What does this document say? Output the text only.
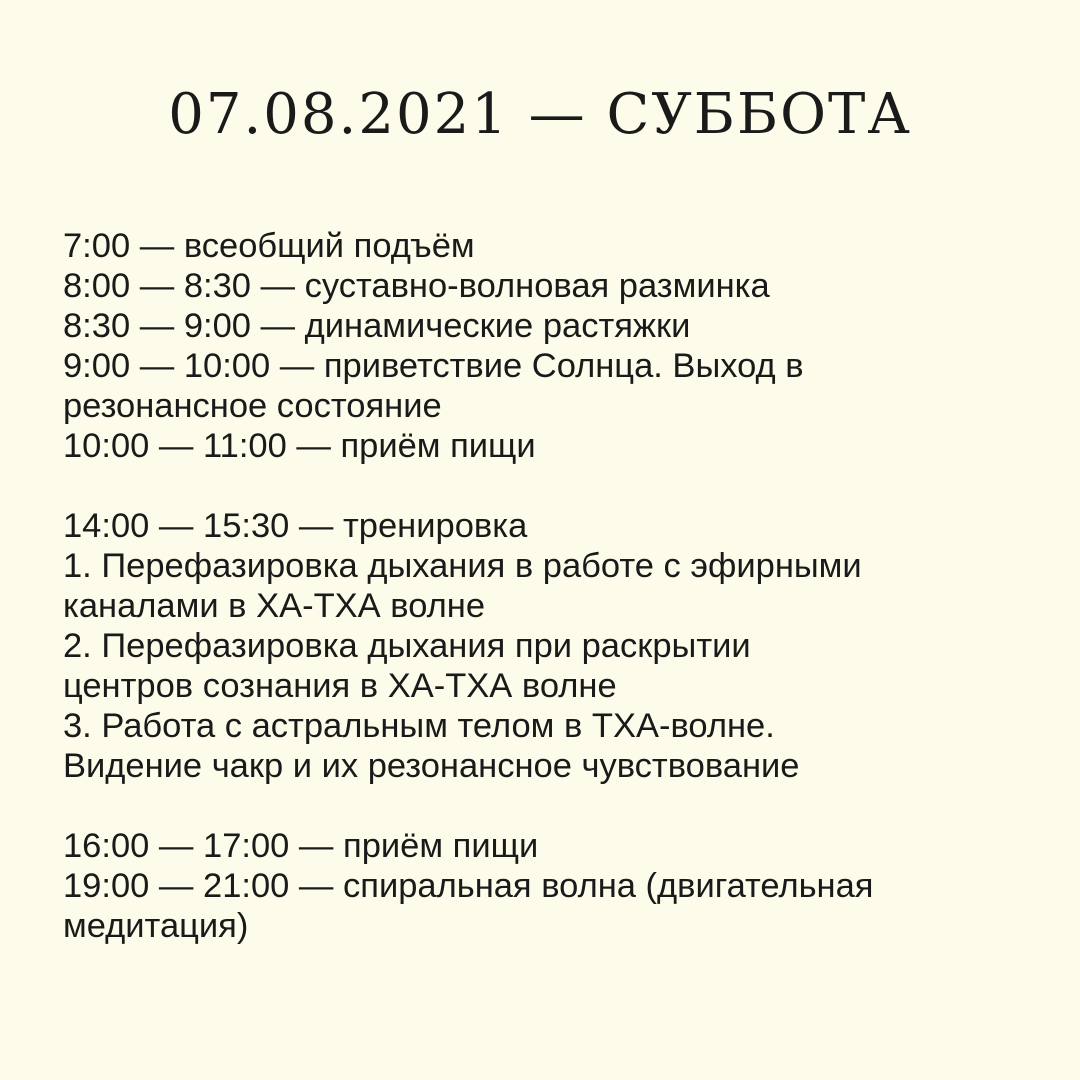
07.08.2021 — СУББОТА
7:00 — всеобщий подъём
8:00 — 8:30 — суставно-волновая разминка
8:30 — 9:00 — динамические растяжки
9:00 — 10:00 — приветствие Солнца. Выход в
резонансное состояние
10:00 — 11:00 — приём пищи
14:00 — 15:30 — тренировка
1. Перефазировка дыхания в работе с эфирными
каналами в ХА-ТХА волне
2. Перефазировка дыхания при раскрытии
центров сознания в ХА-ТХА волне
3. Работа с астральным телом в ТХА-волне.
Видение чакр и их резонансное чувствование
16:00 — 17:00 — приём пищи
19:00 — 21:00 — спиральная волна (двигательная
медитация)
